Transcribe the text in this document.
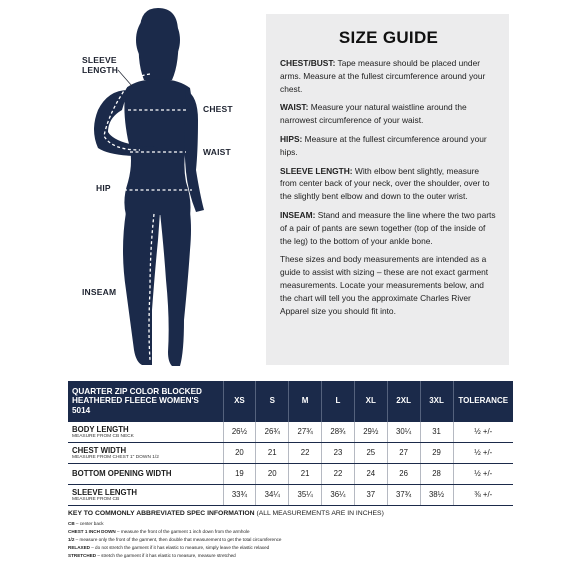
SLEEVE
LENGTH
CHEST
WAIST
HIP
INSEAM
SIZE GUIDE

CHEST/BUST: Tape measure should be placed under arms. Measure at the fullest circumference around your chest.

WAIST: Measure your natural waistline around the narrowest circumference of your waist.

HIPS: Measure at the fullest circumference around your hips.

SLEEVE LENGTH: With elbow bent slightly, measure from center back of your neck, over the shoulder, over to the slightly bent elbow and down to the outer wrist.

INSEAM: Stand and measure the line where the two parts of a pair of pants are sewn together (top of the inside of the leg) to the bottom of your ankle bone.

These sizes and body measurements are intended as a guide to assist with sizing – these are not exact garment measurements. Locate your measurements below, and the chart will tell you the approximate Charles River Apparel size you should fit into.

QUARTER ZIP COLOR BLOCKED HEATHERED FLEECE WOMEN'S 5014	XS	S	M	L	XL	2XL	3XL	TOLERANCE

BODY LENGTH
MEASURE FROM CB NECK	26½	26¾	27¾	28¾	29½	30¼	31	½ +/-

CHEST WIDTH
MEASURE FROM CHEST 1" DOWN 1/2	20	21	22	23	25	27	29	½ +/-

BOTTOM OPENING WIDTH	19	20	21	22	24	26	28	½ +/-

SLEEVE LENGTH
MEASURE FROM CB	33¾	34¼	35¼	36¼	37	37¾	38½	⅜ +/-
KEY TO COMMONLY ABBREVIATED SPEC INFORMATION (ALL MEASUREMENTS ARE IN INCHES)
CB – center back
CHEST 1 INCH DOWN – measure the front of the garment 1 inch down from the armhole
1/2 – measure only the front of the garment, then double that measurement to get the total circumference
RELAXED – do not stretch the garment if it has elastic to measure, simply leave the elastic relaxed
STRETCHED – stretch the garment if it has elastic to measure, measure stretched
